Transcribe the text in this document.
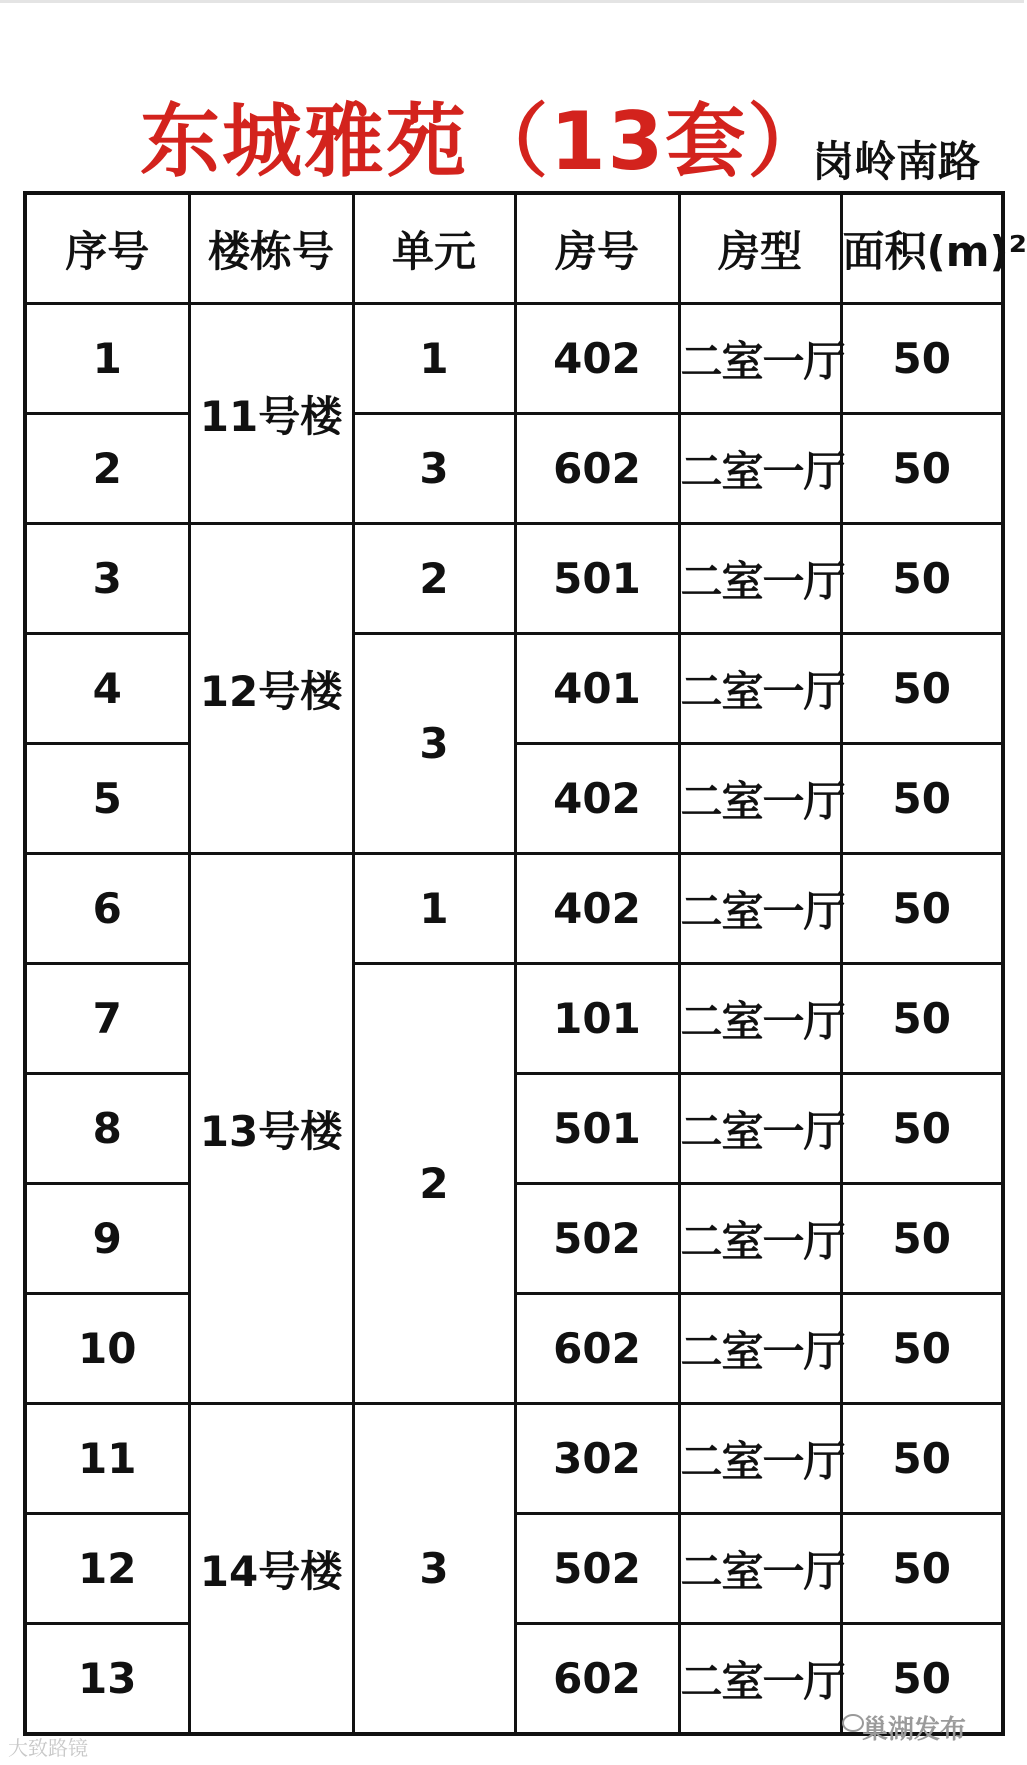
东城雅苑（13套）
岗岭南路
序号	楼栋号	单元	房号	房型	面积(m)²
1	11号楼	1	402	二室一厅	50
2		3	602	二室一厅	50
3	12号楼	2	501	二室一厅	50
4		3	401	二室一厅	50
5			402	二室一厅	50
6	13号楼	1	402	二室一厅	50
7		2	101	二室一厅	50
8			501	二室一厅	50
9			502	二室一厅	50
10			602	二室一厅	50
11	14号楼	3	302	二室一厅	50
12			502	二室一厅	50
13			602	二室一厅	50
大致路镜
巢湖发布
